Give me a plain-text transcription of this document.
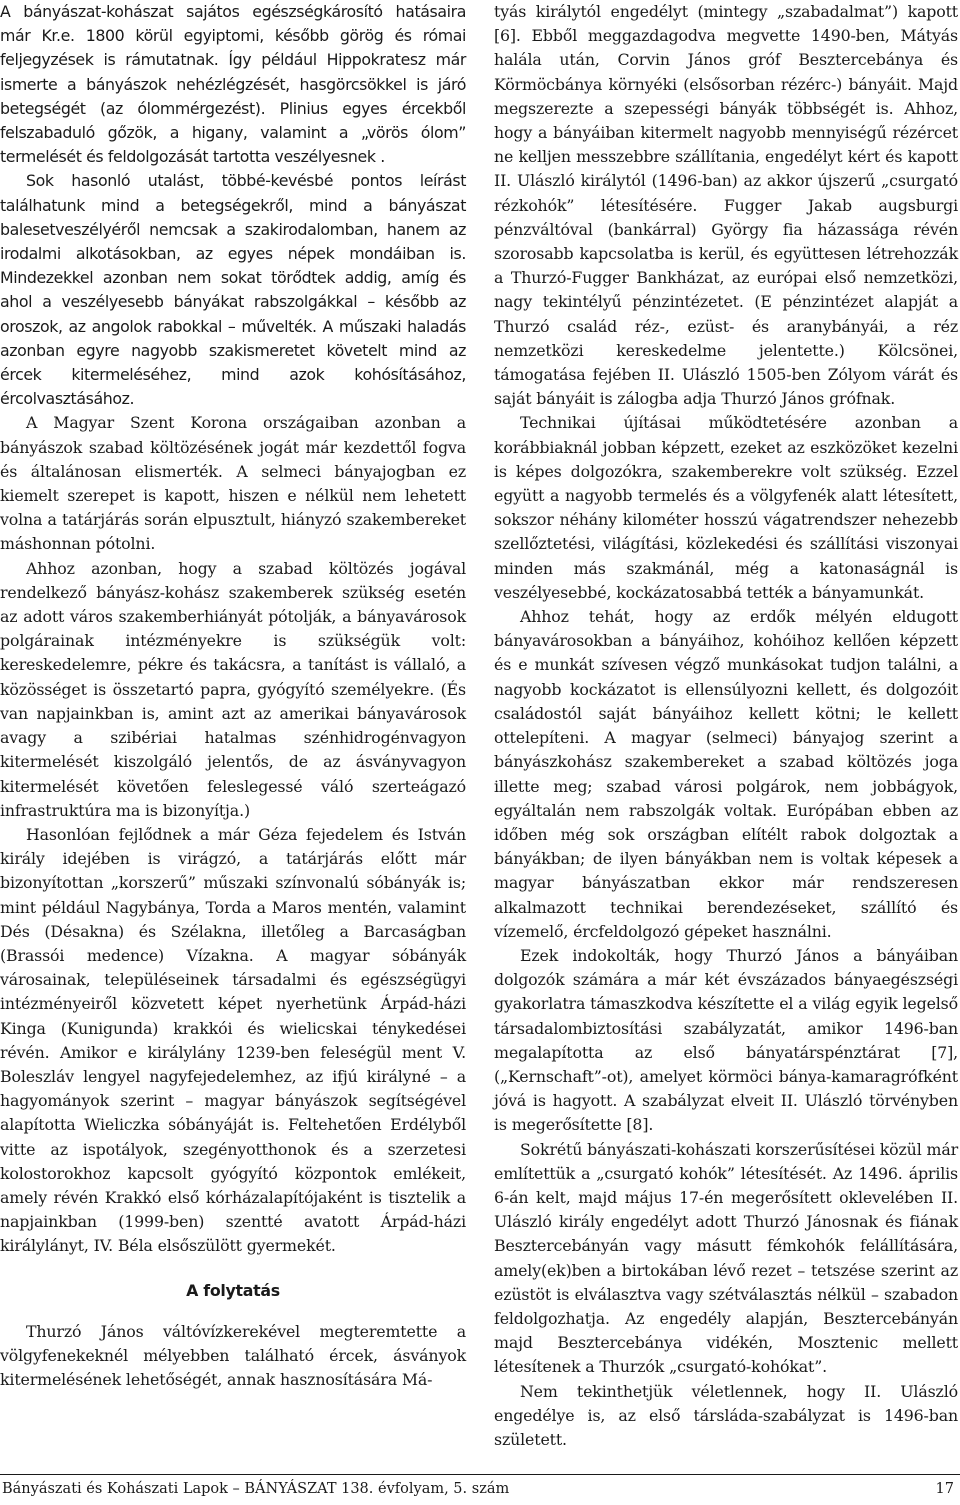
A bányászat-kohászat sajátos egészségkárosító hatásaira már Kr.e. 1800 körül egyiptomi, később görög és római feljegyzések is rámutatnak. Így például Hippokratesz már ismerte a bányászok nehézlégzését, hasgörcsökkel is járó betegségét (az ólommérgezést). Plinius egyes ércekből felszabaduló gőzök, a higany, valamint a „vörös ólom” termelését és feldolgozását tartotta veszélyesnek .

Sok hasonló utalást, többé-kevésbé pontos leírást találhatunk mind a betegségekről, mind a bányászat balesetveszélyéről nemcsak a szakirodalomban, hanem az irodalmi alkotásokban, az egyes népek mondáiban is. Mindezekkel azonban nem sokat törődtek addig, amíg és ahol a veszélyesebb bányákat rabszolgákkal – később az oroszok, az angolok rabokkal – művelték. A műszaki haladás azonban egyre nagyobb szakismeretet követelt mind az ércek kitermeléséhez, mind azok kohósításához, ércolvasztásához.

A Magyar Szent Korona országaiban azonban a bányászok szabad költözésének jogát már kezdettől fogva és általánosan elismerték. A selmeci bányajogban ez kiemelt szerepet is kapott, hiszen e nélkül nem lehetett volna a tatárjárás során elpusztult, hiányzó szakembereket máshonnan pótolni.

Ahhoz azonban, hogy a szabad költözés jogával rendelkező bányász-kohász szakemberek szükség esetén az adott város szakemberhiányát pótolják, a bányavárosok polgárainak intézményekre is szükségük volt: kereskedelemre, pékre és takácsra, a tanítást is vállaló, a közösséget is összetartó papra, gyógyító személyekre. (És van napjainkban is, amint azt az amerikai bányavárosok avagy a szibériai hatalmas szénhidrogénvagyon kitermelését kiszolgáló jelentős, de az ásványvagyon kitermelését követően feleslegessé váló szerteágazó infrastruktúra ma is bizonyítja.)

Hasonlóan fejlődnek a már Géza fejedelem és István király idejében is virágzó, a tatárjárás előtt már bizonyítottan „korszerű” műszaki színvonalú sóbányák is; mint például Nagybánya, Torda a Maros mentén, valamint Dés (Désakna) és Szélakna, illetőleg a Barcaságban (Brassói medence) Vízakna. A magyar sóbányák városainak, településeinek társadalmi és egészségügyi intézményeiről közvetett képet nyerhetünk Árpád-házi Kinga (Kunigunda) krakkói és wielicskai ténykedései révén. Amikor e királylány 1239-ben feleségül ment V. Boleszláv lengyel nagyfejedelemhez, az ifjú királyné – a hagyományok szerint – magyar bányászok segítségével alapította Wieliczka sóbányáját is. Feltehetően Erdélyből vitte az ispotályok, szegényotthonok és a szerzetesi kolostorokhoz kapcsolt gyógyító központok emlékeit, amely révén Krakkó első kórházalapítójaként is tisztelik a napjainkban (1999-ben) szentté avatott Árpád-házi királylányt, IV. Béla elsőszülött gyermekét.

A folytatás

Thurzó János váltóvízkerekével megteremtette a völgyfenekeknél mélyebben található ércek, ásványok kitermelésének lehetőségét, annak hasznosítására Má-

tyás királytól engedélyt (mintegy „szabadalmat”) kapott [6]. Ebből meggazdagodva megvette 1490-ben, Mátyás halála után, Corvin János gróf Besztercebánya és Körmöcbánya környéki (elsősorban rézérc-) bányáit. Majd megszerezte a szepességi bányák többségét is. Ahhoz, hogy a bányáiban kitermelt nagyobb mennyiségű rézércet ne kelljen messzebbre szállítania, engedélyt kért és kapott II. Ulászló királytól (1496-ban) az akkor újszerű „csurgató rézkohók” létesítésére. Fugger Jakab augsburgi pénzváltóval (bankárral) György fia házassága révén szorosabb kapcsolatba is kerül, és együttesen létrehozzák a Thurzó-Fugger Bankházat, az európai első nemzetközi, nagy tekintélyű pénzintézetet. (E pénzintézet alapját a Thurzó család réz-, ezüst- és aranybányái, a réz nemzetközi kereskedelme jelentette.) Kölcsönei, támogatása fejében II. Ulászló 1505-ben Zólyom várát és saját bányáit is zálogba adja Thurzó János grófnak.

Technikai újításai működtetésére azonban a korábbiaknál jobban képzett, ezeket az eszközöket kezelni is képes dolgozókra, szakemberekre volt szükség. Ezzel együtt a nagyobb termelés és a völgyfenék alatt létesített, sokszor néhány kilométer hosszú vágatrendszer nehezebb szellőztetési, világítási, közlekedési és szállítási viszonyai minden más szakmánál, még a katonaságnál is veszélyesebbé, kockázatosabbá tették a bányamunkát.

Ahhoz tehát, hogy az erdők mélyén eldugott bányavárosokban a bányáihoz, kohóihoz kellően képzett és e munkát szívesen végző munkásokat tudjon találni, a nagyobb kockázatot is ellensúlyozni kellett, és dolgozóit családostól saját bányáihoz kellett kötni; le kellett ottelepíteni. A magyar (selmeci) bányajog szerint a bányászkohász szakembereket a szabad költözés joga illette meg; szabad városi polgárok, nem jobbágyok, egyáltalán nem rabszolgák voltak. Európában ebben az időben még sok országban elítélt rabok dolgoztak a bányákban; de ilyen bányákban nem is voltak képesek a magyar bányászatban ekkor már rendszeresen alkalmazott technikai berendezéseket, szállító és vízemelő, ércfeldolgozó gépeket használni.

Ezek indokolták, hogy Thurzó János a bányáiban dolgozók számára a már két évszázados bányaegészségi gyakorlatra támaszkodva készítette el a világ egyik legelső társadalombiztosítási szabályzatát, amikor 1496-ban megalapította az első bányatárspénztárat [7], („Kernschaft”-ot), amelyet körmöci bánya-kamaragrófként jóvá is hagyott. A szabályzat elveit II. Ulászló törvényben is megerősítette [8].

Sokrétű bányászati-kohászati korszerűsítései közül már említettük a „csurgató kohók” létesítését. Az 1496. április 6-án kelt, majd május 17-én megerősített oklevelében II. Ulászló király engedélyt adott Thurzó Jánosnak és fiának Besztercebányán vagy másutt fémkohók felállítására, amely(ek)ben a birtokában lévő rezet – tetszése szerint az ezüstöt is elválasztva vagy szétválasztás nélkül – szabadon feldolgozhatja. Az engedély alapján, Besztercebányán majd Besztercebánya vidékén, Mosztenic mellett létesítenek a Thurzók „csurgató-kohókat”.

Nem tekinthetjük véletlennek, hogy II. Ulászló engedélye is, az első társláda-szabályzat is 1496-ban született.

Bányászati és Kohászati Lapok – BÁNYÁSZAT 138. évfolyam, 5. szám	17
